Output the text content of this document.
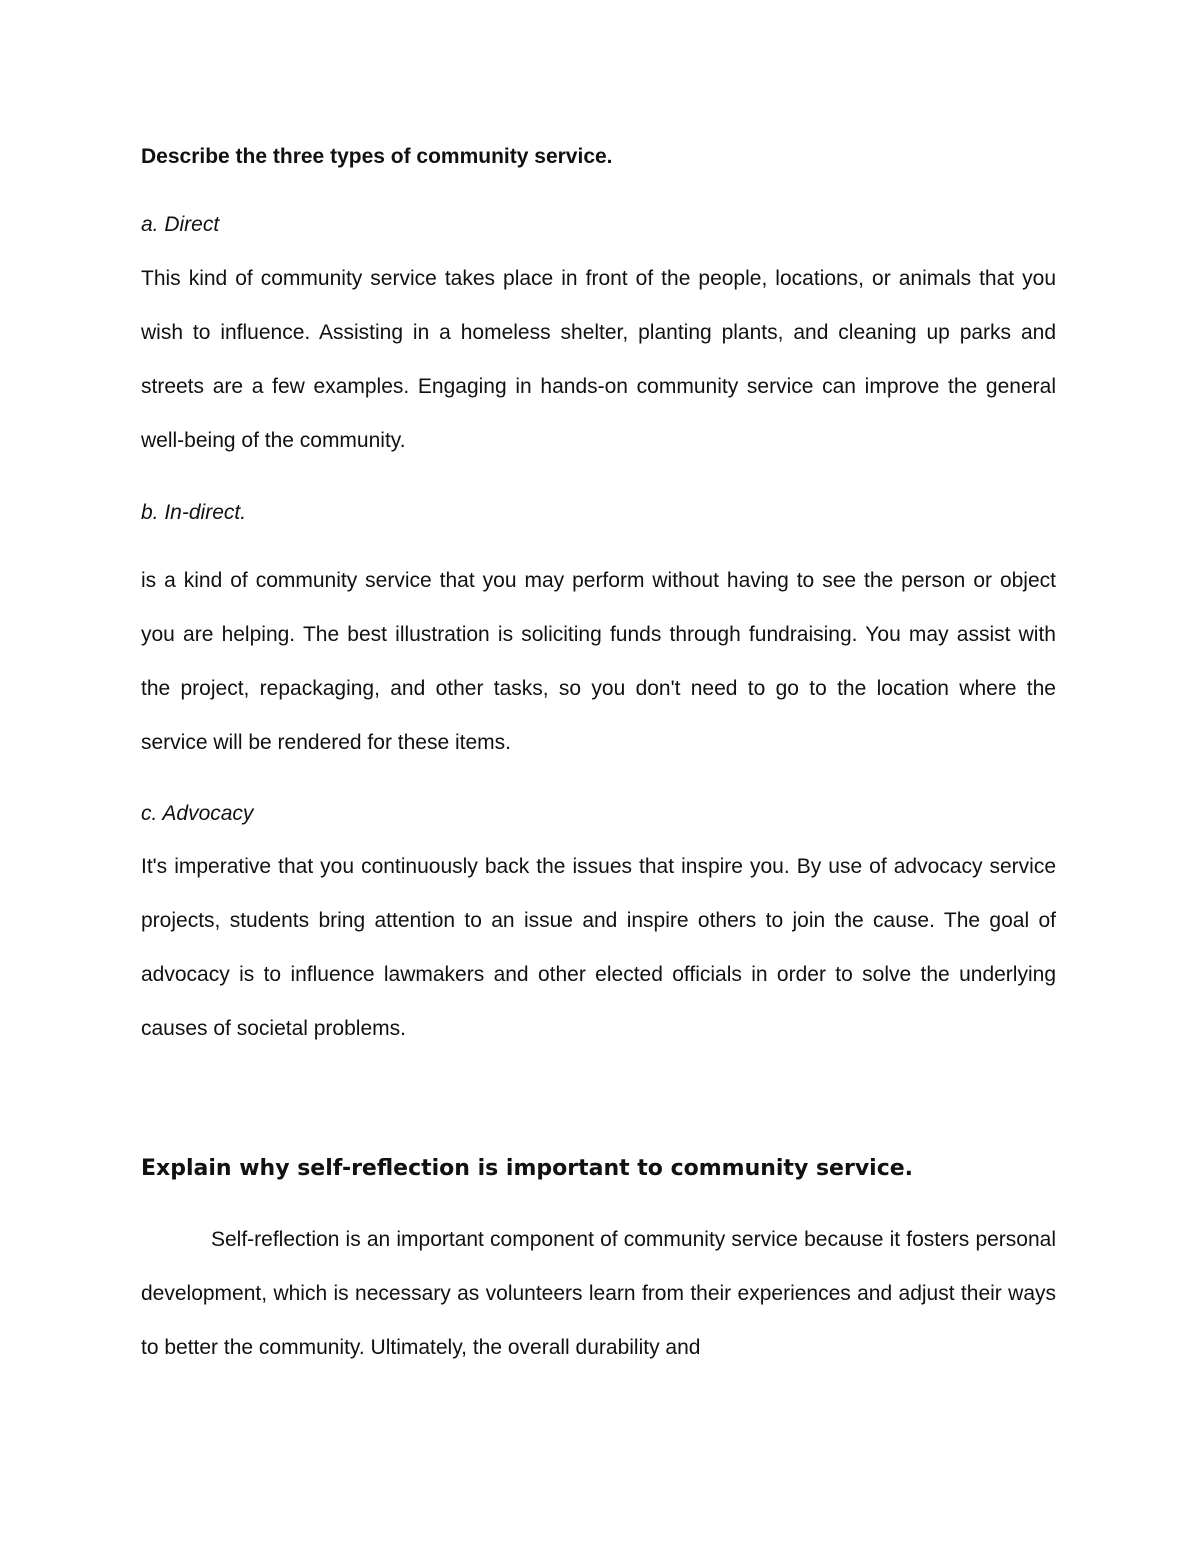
Describe the three types of community service.
a. Direct
This kind of community service takes place in front of the people, locations, or animals that you wish to influence. Assisting in a homeless shelter, planting plants, and cleaning up parks and streets are a few examples. Engaging in hands-on community service can improve the general well-being of the community.
b. In-direct.
is a kind of community service that you may perform without having to see the person or object you are helping. The best illustration is soliciting funds through fundraising. You may assist with the project, repackaging, and other tasks, so you don't need to go to the location where the service will be rendered for these items.
c. Advocacy
It's imperative that you continuously back the issues that inspire you. By use of advocacy service projects, students bring attention to an issue and inspire others to join the cause. The goal of advocacy is to influence lawmakers and other elected officials in order to solve the underlying causes of societal problems.
Explain why self-reflection is important to community service.
Self-reflection is an important component of community service because it fosters personal development, which is necessary as volunteers learn from their experiences and adjust their ways to better the community. Ultimately, the overall durability and
